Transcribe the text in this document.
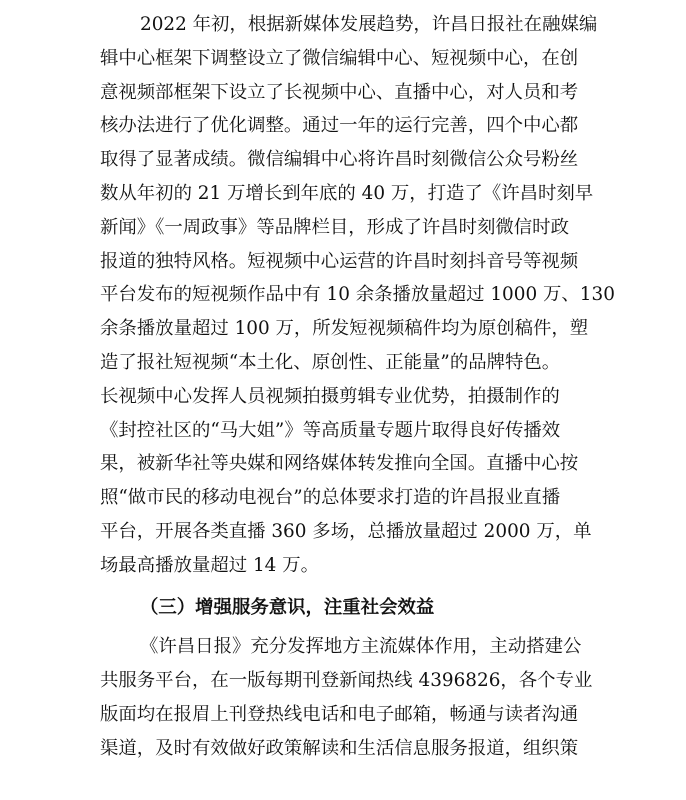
2022 年初，根据新媒体发展趋势，许昌日报社在融媒编
辑中心框架下调整设立了微信编辑中心、短视频中心，在创
意视频部框架下设立了长视频中心、直播中心，对人员和考
核办法进行了优化调整。通过一年的运行完善，四个中心都
取得了显著成绩。微信编辑中心将许昌时刻微信公众号粉丝
数从年初的 21 万增长到年底的 40 万，打造了《许昌时刻早
新闻》《一周政事》等品牌栏目，形成了许昌时刻微信时政
报道的独特风格。短视频中心运营的许昌时刻抖音号等视频
平台发布的短视频作品中有 10 余条播放量超过 1000 万、130
余条播放量超过 100 万，所发短视频稿件均为原创稿件，塑
造了报社短视频“本土化、原创性、正能量”的品牌特色。
长视频中心发挥人员视频拍摄剪辑专业优势，拍摄制作的
《封控社区的“马大姐”》等高质量专题片取得良好传播效
果，被新华社等央媒和网络媒体转发推向全国。直播中心按
照“做市民的移动电视台”的总体要求打造的许昌报业直播
平台，开展各类直播 360 多场，总播放量超过 2000 万，单
场最高播放量超过 14 万。
（三）增强服务意识，注重社会效益
《许昌日报》充分发挥地方主流媒体作用，主动搭建公
共服务平台，在一版每期刊登新闻热线 4396826，各个专业
版面均在报眉上刊登热线电话和电子邮箱，畅通与读者沟通
渠道，及时有效做好政策解读和生活信息服务报道，组织策
